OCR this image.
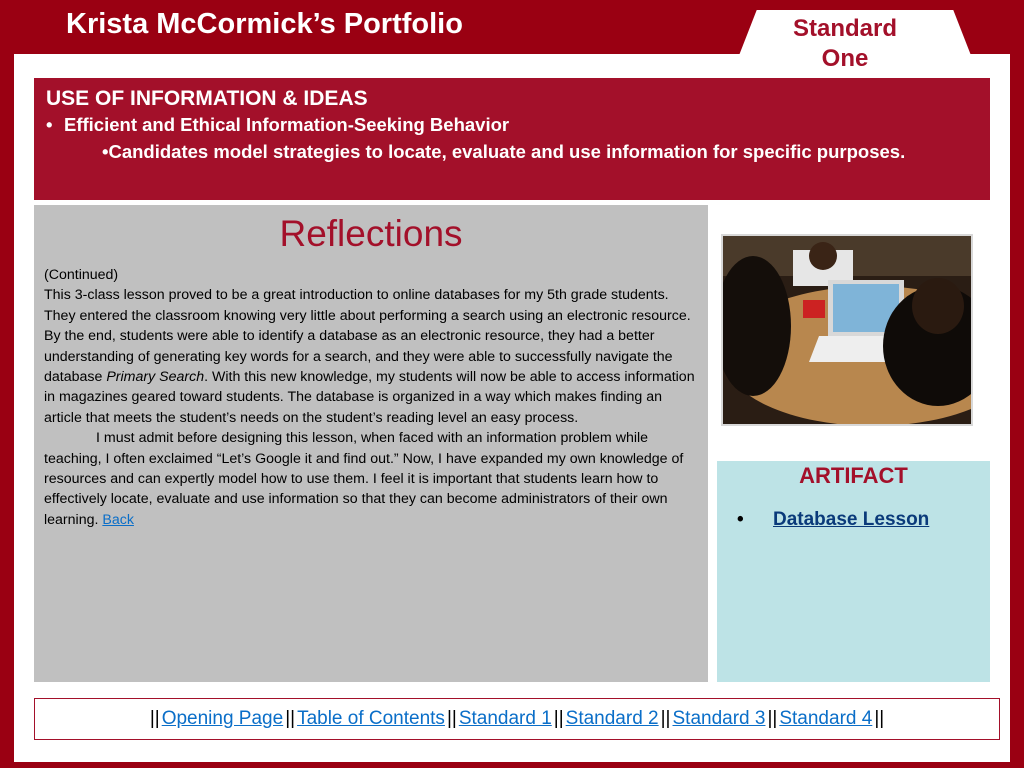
Krista McCormick’s Portfolio	Standard One
USE OF INFORMATION & IDEAS
• Efficient and Ethical Information-Seeking Behavior
•Candidates model strategies to locate, evaluate and use information for specific purposes.
Reflections
(Continued)
This 3-class lesson proved to be a great introduction to online databases for my 5th grade students. They entered the classroom knowing very little about performing a search using an electronic resource. By the end, students were able to identify a database as an electronic resource, they had a better understanding of generating key words for a search, and they were able to successfully navigate the database Primary Search. With this new knowledge, my students will now be able to access information in magazines geared toward students. The database is organized in a way which makes finding an article that meets the student’s needs on the student’s reading level an easy process.
I must admit before designing this lesson, when faced with an information problem while teaching, I often exclaimed “Let’s Google it and find out.” Now, I have expanded my own knowledge of resources and can expertly model how to use them. I feel it is important that students learn how to effectively locate, evaluate and use information so that they can become administrators of their own learning. Back
ARTIFACT
• Database Lesson
|| Opening Page || Table of Contents || Standard 1 || Standard 2 || Standard 3 || Standard 4 ||
